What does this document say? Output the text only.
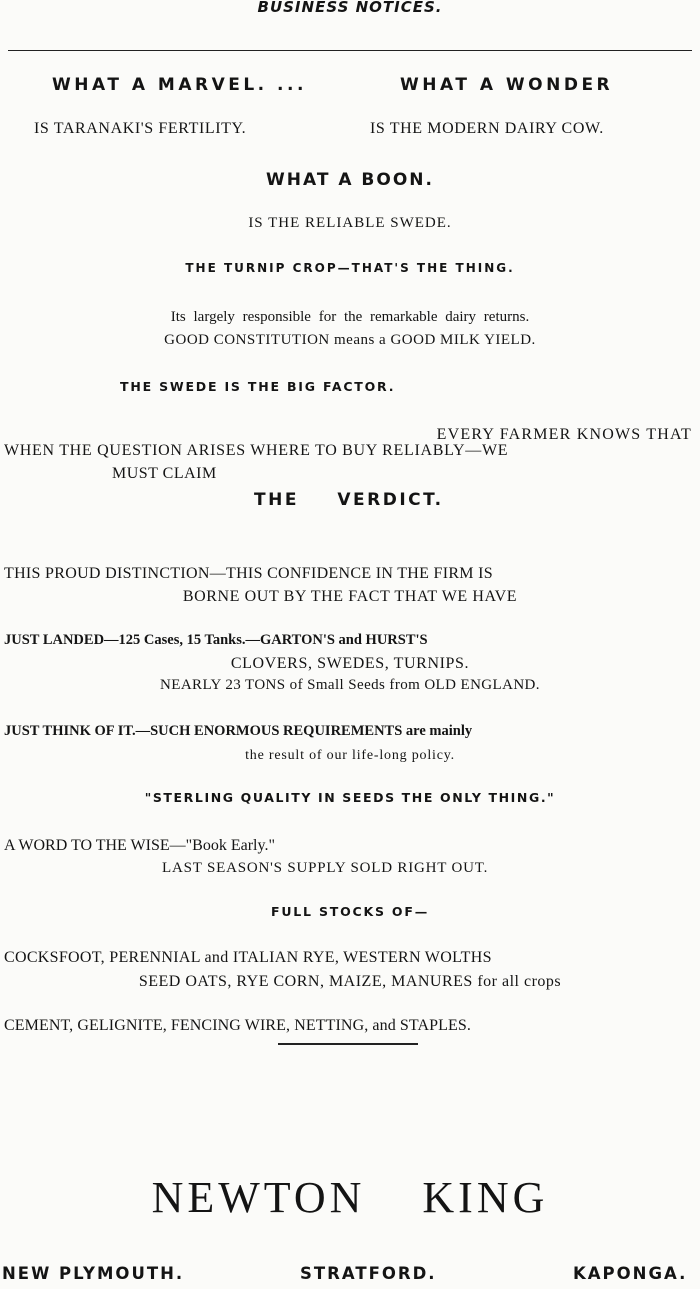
BUSINESS NOTICES.
WHAT A MARVEL. ...	WHAT A WONDER
IS TARANAKI'S FERTILITY.	IS THE MODERN DAIRY COW.
WHAT A BOON.
IS THE RELIABLE SWEDE.
THE TURNIP CROP—THAT'S THE THING.
Its largely responsible for the remarkable dairy returns.
GOOD CONSTITUTION means a GOOD MILK YIELD.
THE SWEDE IS THE BIG FACTOR.
EVERY FARMER KNOWS THAT
WHEN THE QUESTION ARISES WHERE TO BUY RELIABLY—WE
MUST CLAIM
THE VERDICT.
THIS PROUD DISTINCTION—THIS CONFIDENCE IN THE FIRM IS
BORNE OUT BY THE FACT THAT WE HAVE
JUST LANDED—125 Cases, 15 Tanks.—GARTON'S and HURST'S
CLOVERS, SWEDES, TURNIPS.
NEARLY 23 TONS of Small Seeds from OLD ENGLAND.
JUST THINK OF IT.—SUCH ENORMOUS REQUIREMENTS are mainly
the result of our life-long policy.
"STERLING QUALITY IN SEEDS THE ONLY THING."
A WORD TO THE WISE—"Book Early."
LAST SEASON'S SUPPLY SOLD RIGHT OUT.
FULL STOCKS OF—
COCKSFOOT, PERENNIAL and ITALIAN RYE, WESTERN WOLTHS
SEED OATS, RYE CORN, MAIZE, MANURES for all crops
CEMENT, GELIGNITE, FENCING WIRE, NETTING, and STAPLES.
NEWTON KING
NEW PLYMOUTH.	STRATFORD.	KAPONGA.
